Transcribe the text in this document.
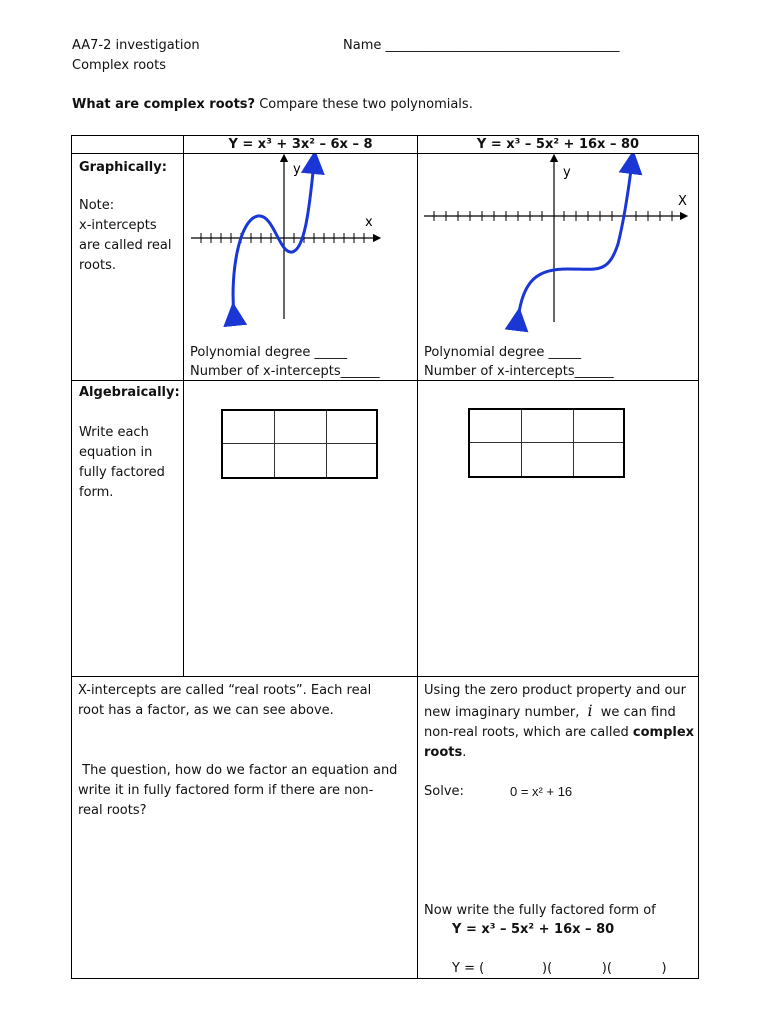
AA7-2 investigation
Complex roots
Name ____________________________________
What are complex roots? Compare these two polynomials.
Y = x³ + 3x² – 6x – 8	Y = x³ – 5x² + 16x – 80
Graphically:
Note:
x-intercepts
are called real
roots.
y
x
Polynomial degree _____
Number of x-intercepts______
y
X
Polynomial degree _____
Number of x-intercepts______
Algebraically:
Write each
equation in
fully factored
form.
X-intercepts are called “real roots”. Each real
root has a factor, as we can see above.
The question, how do we factor an equation and
write it in fully factored form if there are non-
real roots?
Using the zero product property and our
new imaginary number, i we can find
non-real roots, which are called complex
roots.
Solve:	0 = x² + 16
Now write the fully factored form of
Y = x³ – 5x² + 16x – 80
Y = (              )(            )(            )
